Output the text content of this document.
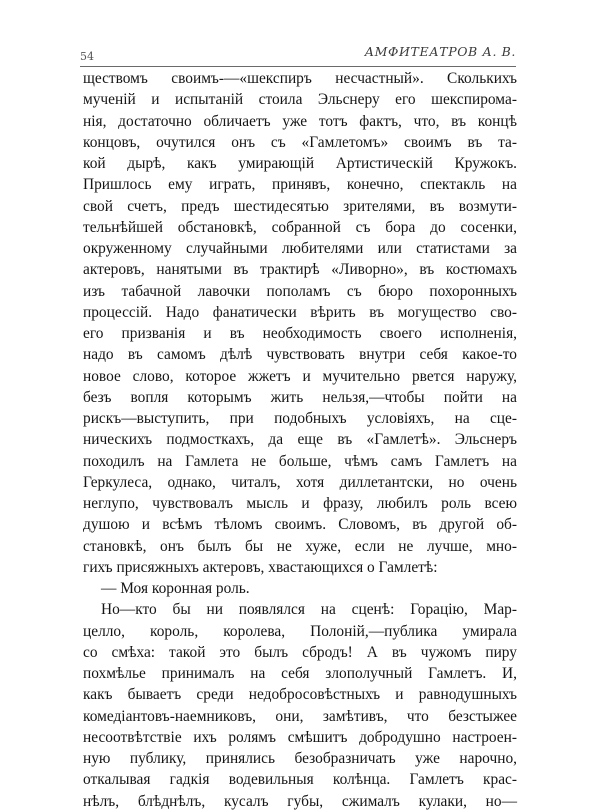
54	АМФИТЕАТРОВ А. В.
ществомъ своимъ-—«шекспиръ несчастный». Сколькихъ
мученій и испытаній стоила Эльснеру его шекспиромa-
нія, достаточно обличаетъ уже тотъ фактъ, что, въ концѣ
концовъ, очутился онъ съ «Гамлетомъ» своимъ въ та-
кой дырѣ, какъ умирающій Артистическій Кружокъ.
Пришлось ему играть, принявъ, конечно, спектакль на
свой счетъ, предъ шестидесятью зрителями, въ возмути-
тельнѣйшей обстановкѣ, собранной съ бора до сосенки,
окруженному случайными любителями или статистами за
актеровъ, нанятыми въ трактирѣ «Ливорно», въ костюмахъ
изъ табачной лавочки пополамъ съ бюро похоронныхъ
процессій. Надо фанатически вѣрить въ могущество сво-
его призванія и въ необходимость своего исполненія,
надо въ самомъ дѣлѣ чувствовать внутри себя какое-то
новое слово, которое жжетъ и мучительно рвется наружу,
безъ вопля которымъ жить нельзя,—чтобы пойти на
рискъ—выступить, при подобныхъ условіяхъ, на сце-
ническихъ подмосткахъ, да еще въ «Гамлетѣ». Эльснеръ
походилъ на Гамлета не больше, чѣмъ самъ Гамлетъ на
Геркулеса, однако, читалъ, хотя диллетантски, но очень
неглупо, чувствовалъ мысль и фразу, любилъ роль всею
душою и всѣмъ тѣломъ своимъ. Словомъ, въ другой об-
становкѣ, онъ былъ бы не хуже, если не лучше, мно-
гихъ присяжныхъ актеровъ, хвастающихся о Гамлетѣ:
— Моя коронная роль.
Но—кто бы ни появлялся на сценѣ: Горацію, Мар-
целло, король, королева, Полоній,—публика умирала
со смѣха: такой это былъ сбродъ! А въ чужомъ пиру
похмѣлье принималъ на себя злополучный Гамлетъ. И,
какъ бываетъ среди недобросовѣстныхъ и равнодушныхъ
комедіантовъ-наемниковъ, они, замѣтивъ, что безстыжее
несоотвѣтствіе ихъ ролямъ смѣшитъ добродушно настроен-
ную публику, принялись безобразничать уже нарочно,
откалывая гадкія водевильныя колѣнца. Гамлетъ крас-
нѣлъ, блѣднѣлъ, кусалъ губы, сжималъ кулаки, но—
